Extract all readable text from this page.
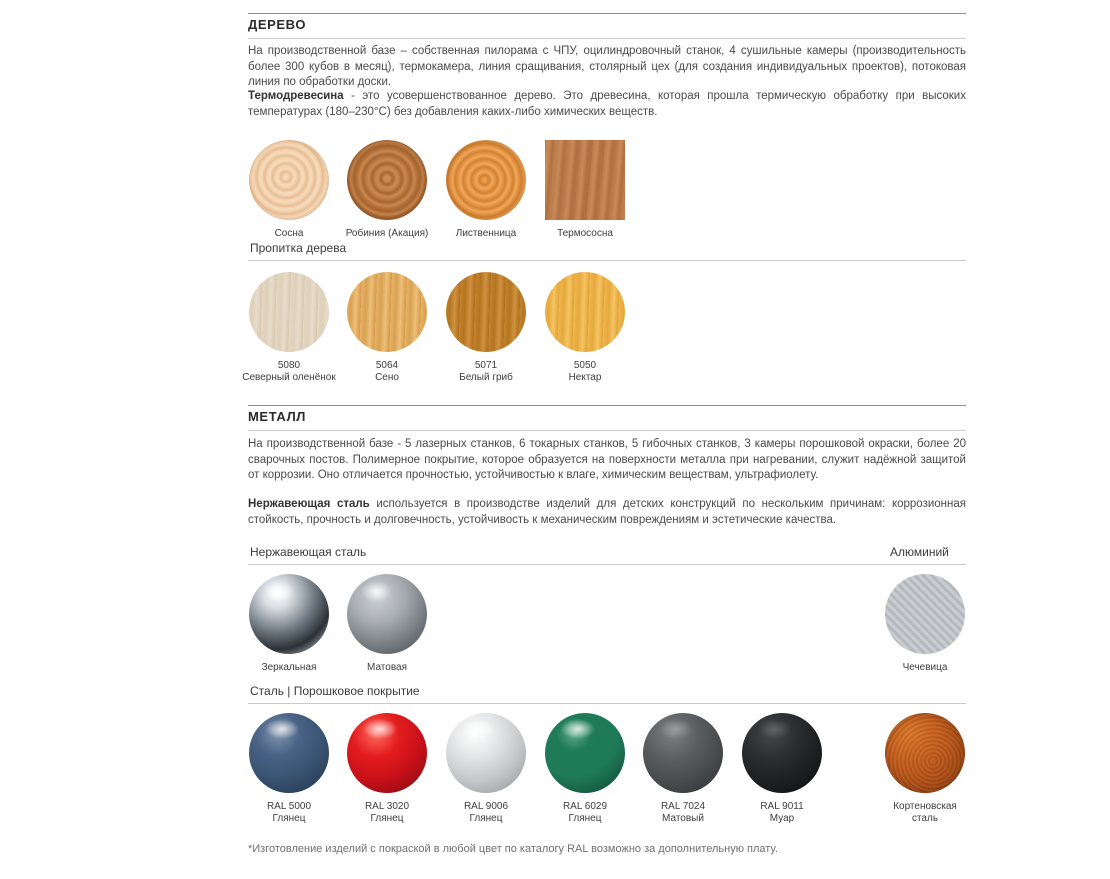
ДЕРЕВО
На производственной базе – собственная пилорама с ЧПУ, оцилиндровочный станок, 4 сушильные камеры (производительность более 300 кубов в месяц), термокамера, линия сращивания, столярный цех (для создания индивидуальных проектов), потоковая линия по обработки доски.
Термодревесина - это усовершенствованное дерево. Это древесина, которая прошла термическую обработку при высоких температурах (180–230°C) без добавления каких-либо химических веществ.
Сосна	Робиния (Акация)	Лиственница	Термососна
Пропитка дерева
5080
Северный оленёнок
5064
Сено
5071
Белый гриб
5050
Нектар
МЕТАЛЛ
На производственной базе - 5 лазерных станков, 6 токарных станков, 5 гибочных станков, 3 камеры порошковой окраски, более 20 сварочных постов. Полимерное покрытие, которое образуется на поверхности металла при нагревании, служит надёжной защитой от коррозии. Оно отличается прочностью, устойчивостью к влаге, химическим веществам, ультрафиолету.
Нержавеющая сталь используется в производстве изделий для детских конструкций по нескольким причинам: коррозионная стойкость, прочность и долговечность, устойчивость к механическим повреждениям и эстетические качества.
Нержавеющая сталь	Алюминий
Зеркальная	Матовая	Чечевица
Сталь | Порошковое покрытие
RAL 5000
Глянец
RAL 3020
Глянец
RAL 9006
Глянец
RAL 6029
Глянец
RAL 7024
Матовый
RAL 9011
Муар
Кортеновская
сталь
*Изготовление изделий с покраской в любой цвет по каталогу RAL возможно за дополнительную плату.
